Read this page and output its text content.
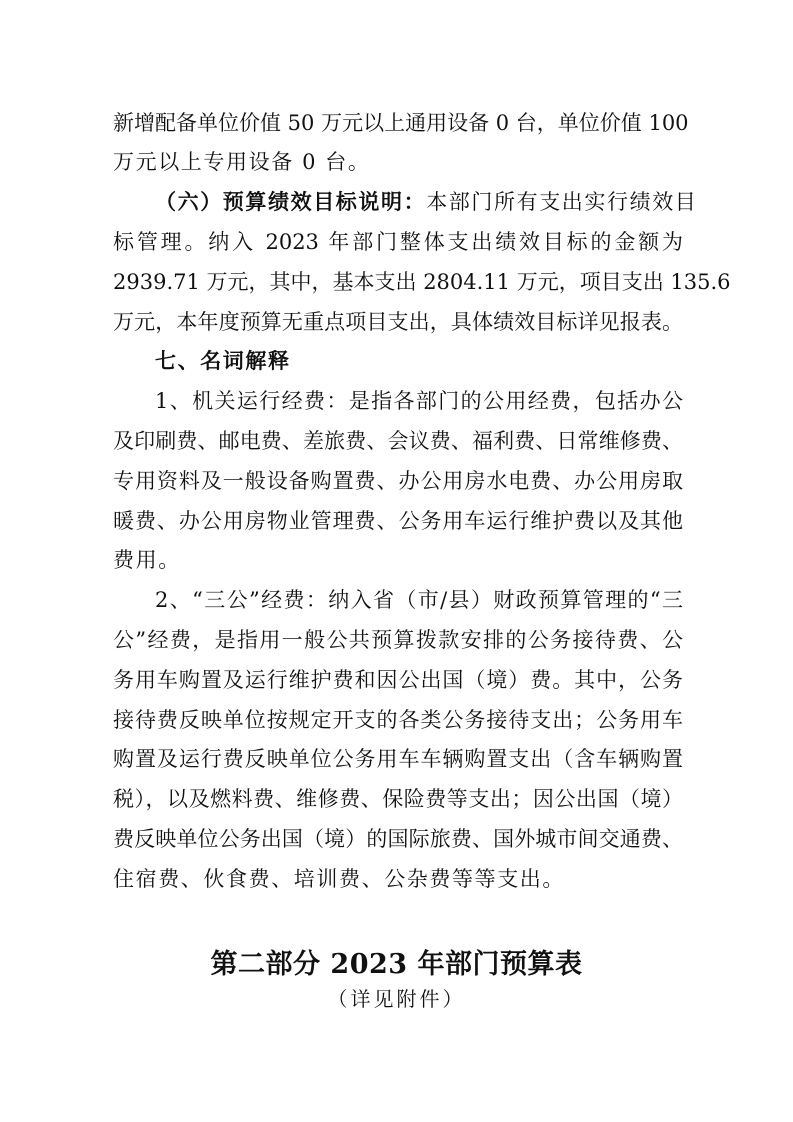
新增配备单位价值 50 万元以上通用设备 0 台，单位价值 100
万元以上专用设备 0 台。
（六）预算绩效目标说明：本部门所有支出实行绩效目
标管理。纳入 2023 年部门整体支出绩效目标的金额为
2939.71 万元，其中，基本支出 2804.11 万元，项目支出 135.6
万元，本年度预算无重点项目支出，具体绩效目标详见报表。
七、名词解释
1、机关运行经费：是指各部门的公用经费，包括办公
及印刷费、邮电费、差旅费、会议费、福利费、日常维修费、
专用资料及一般设备购置费、办公用房水电费、办公用房取
暖费、办公用房物业管理费、公务用车运行维护费以及其他
费用。
2、“三公”经费：纳入省（市/县）财政预算管理的“三
公”经费，是指用一般公共预算拨款安排的公务接待费、公
务用车购置及运行维护费和因公出国（境）费。其中，公务
接待费反映单位按规定开支的各类公务接待支出；公务用车
购置及运行费反映单位公务用车车辆购置支出（含车辆购置
税），以及燃料费、维修费、保险费等支出；因公出国（境）
费反映单位公务出国（境）的国际旅费、国外城市间交通费、
住宿费、伙食费、培训费、公杂费等等支出。
第二部分 2023 年部门预算表
（详见附件）
